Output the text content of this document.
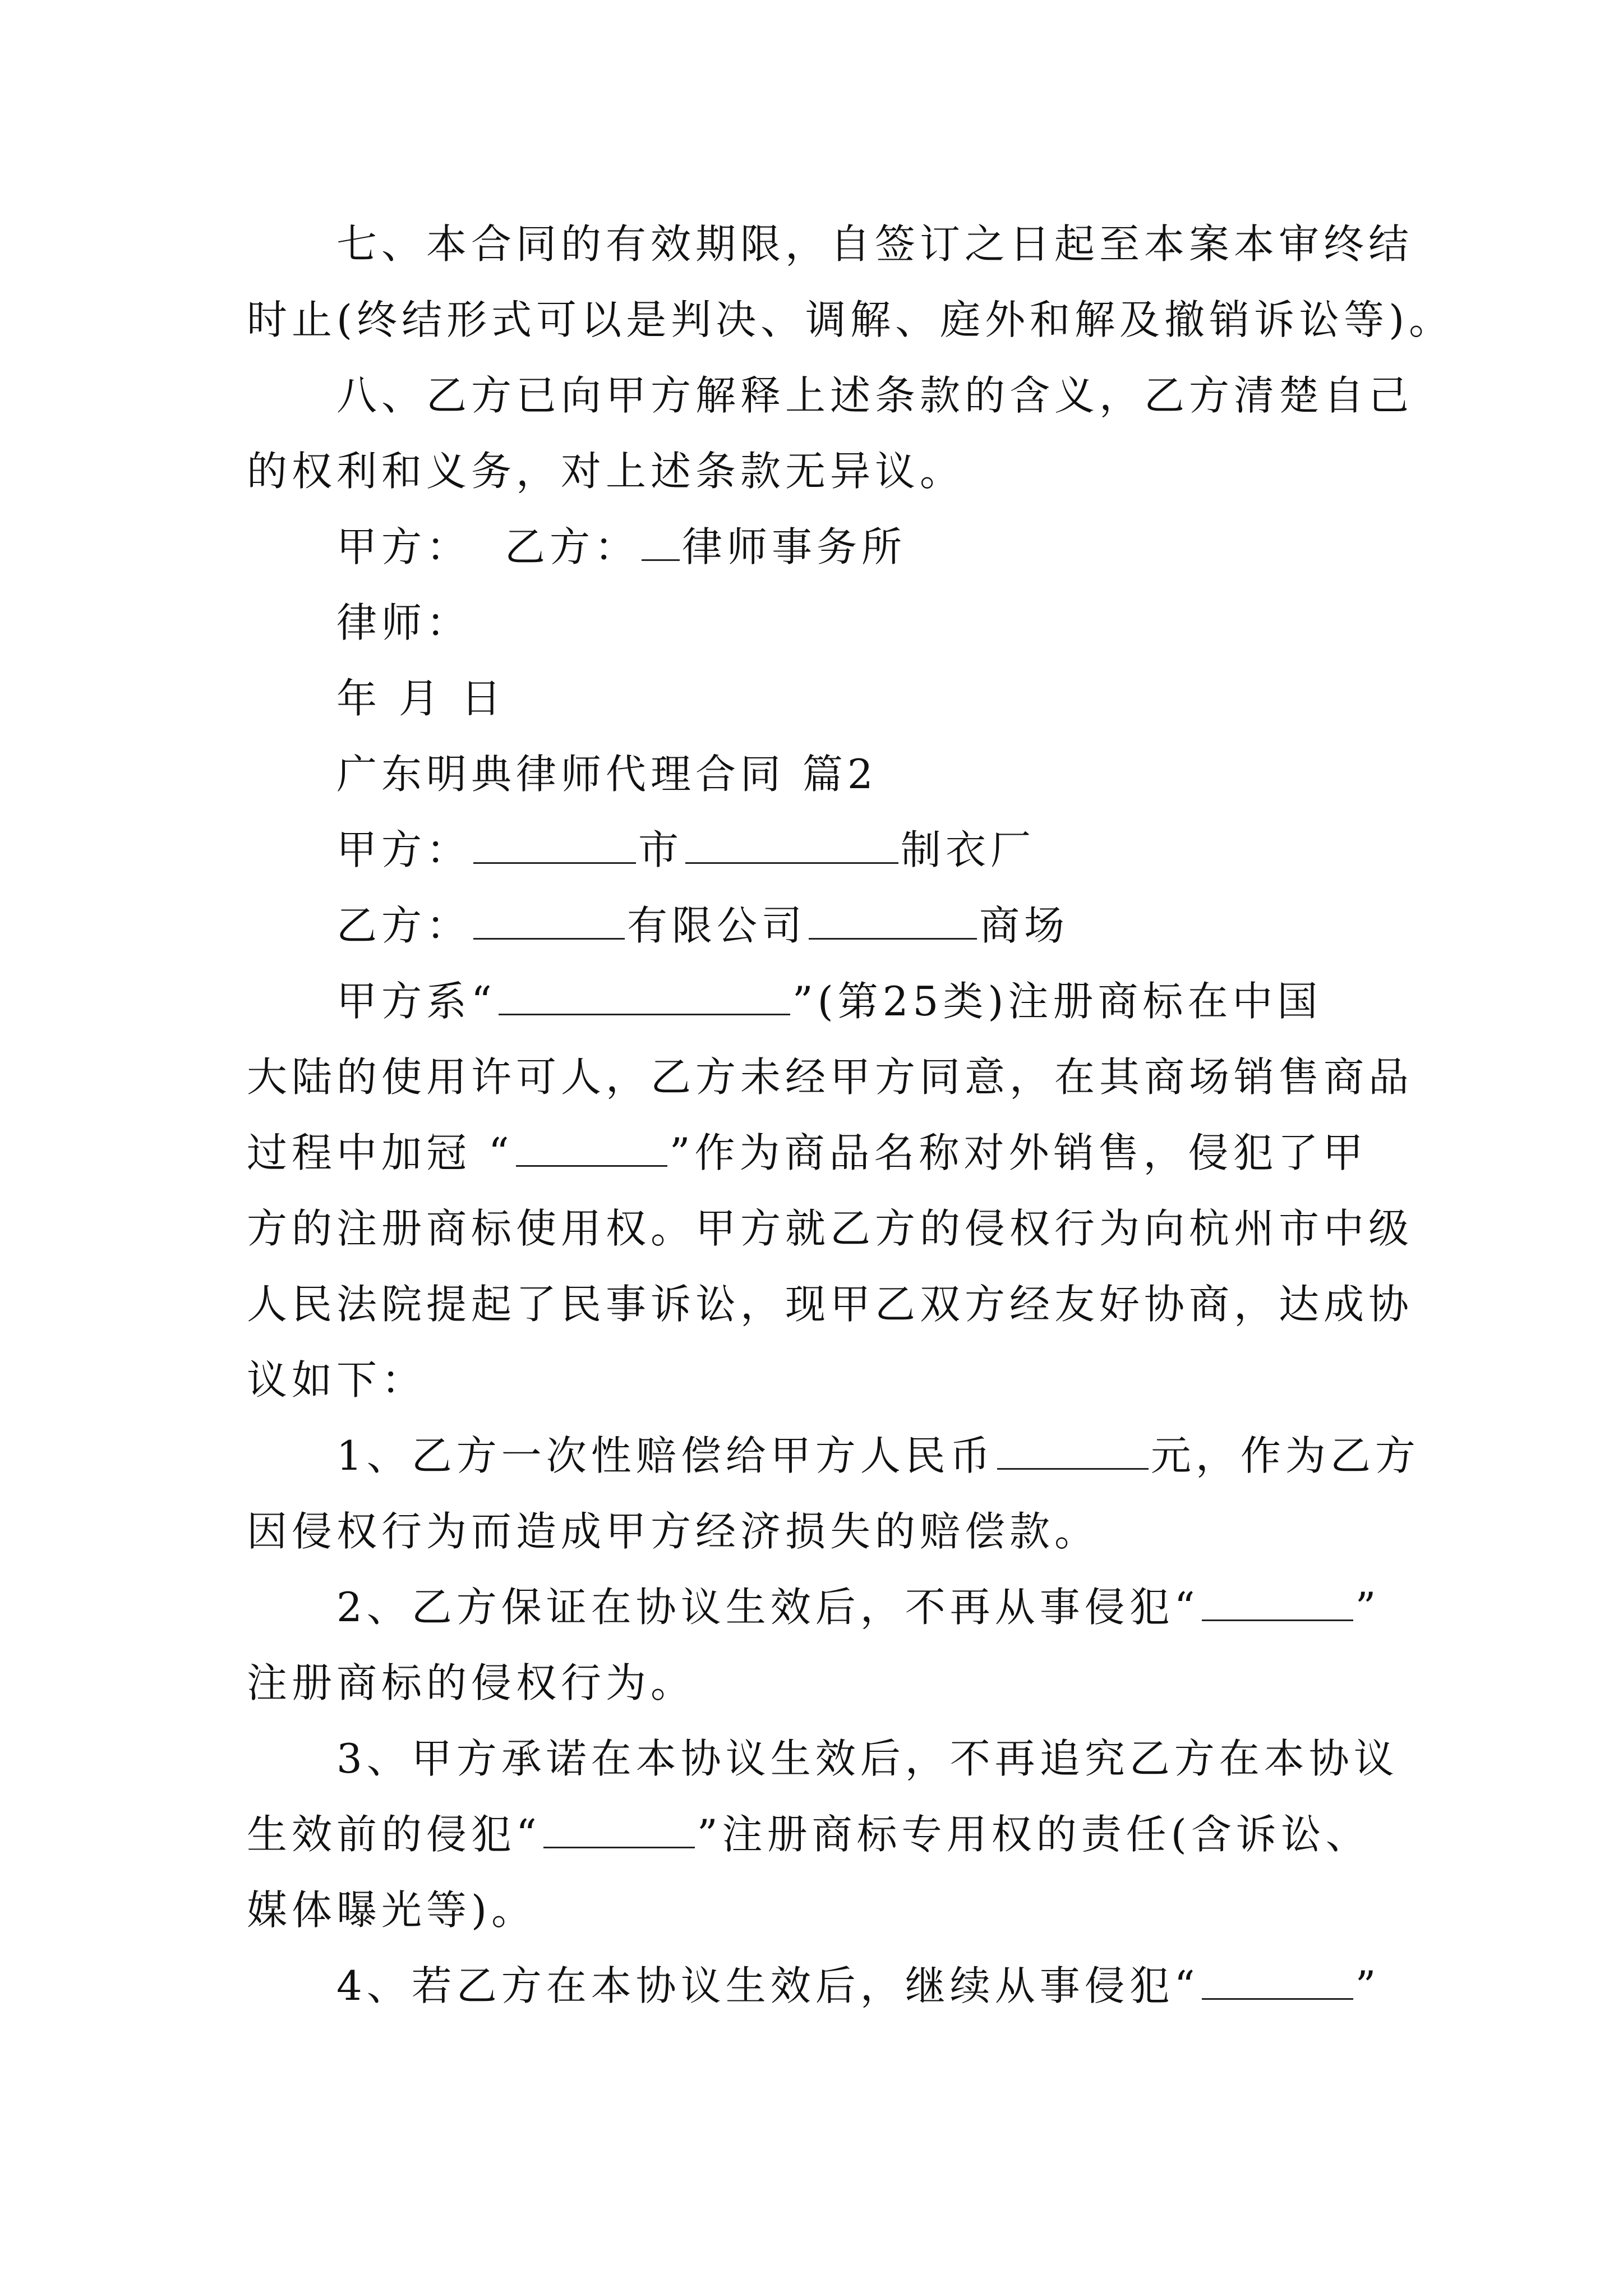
七、本合同的有效期限，自签订之日起至本案本审终结
时止(终结形式可以是判决、调解、庭外和解及撤销诉讼等)。
八、乙方已向甲方解释上述条款的含义，乙方清楚自己
的权利和义务，对上述条款无异议。
甲方： 乙方： 律师事务所
律师：
年 月 日
广东明典律师代理合同 篇2
甲方：	市	制衣厂
乙方：	有限公司	商场
甲方系“	”(第25类)注册商标在中国
大陆的使用许可人，乙方未经甲方同意，在其商场销售商品
过程中加冠 “	”作为商品名称对外销售，侵犯了甲
方的注册商标使用权。甲方就乙方的侵权行为向杭州市中级
人民法院提起了民事诉讼，现甲乙双方经友好协商，达成协
议如下：
1、乙方一次性赔偿给甲方人民币	元，作为乙方
因侵权行为而造成甲方经济损失的赔偿款。
2、乙方保证在协议生效后，不再从事侵犯“	”
注册商标的侵权行为。
3、甲方承诺在本协议生效后，不再追究乙方在本协议
生效前的侵犯“	”注册商标专用权的责任(含诉讼、
媒体曝光等)。
4、若乙方在本协议生效后，继续从事侵犯“	”
